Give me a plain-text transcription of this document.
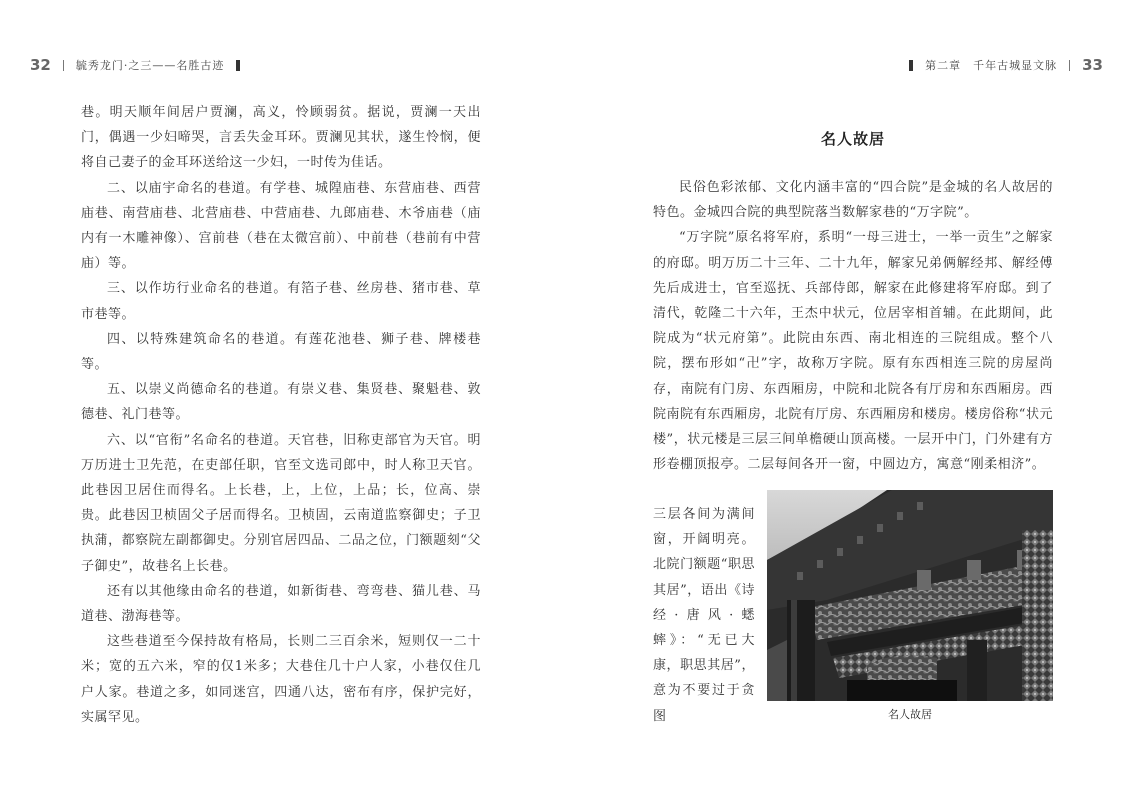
32 毓秀龙门·之三——名胜古迹	第二章　千年古城显文脉 33

巷。明天顺年间居户贾澜，高义，怜顾弱贫。据说，贾澜一天出门，偶遇一少妇啼哭，言丢失金耳环。贾澜见其状，遂生怜悯，便将自己妻子的金耳环送给这一少妇，一时传为佳话。

二、以庙宇命名的巷道。有学巷、城隍庙巷、东营庙巷、西营庙巷、南营庙巷、北营庙巷、中营庙巷、九郎庙巷、木爷庙巷（庙内有一木雕神像）、宫前巷（巷在太微宫前）、中前巷（巷前有中营庙）等。

三、以作坊行业命名的巷道。有箔子巷、丝房巷、猪市巷、草市巷等。

四、以特殊建筑命名的巷道。有莲花池巷、狮子巷、牌楼巷等。

五、以崇义尚德命名的巷道。有崇义巷、集贤巷、聚魁巷、敦德巷、礼门巷等。

六、以“官衔”名命名的巷道。天官巷，旧称吏部官为天官。明万历进士卫先范，在吏部任职，官至文选司郎中，时人称卫天官。此巷因卫居住而得名。上长巷，上，上位，上品；长，位高、崇贵。此巷因卫桢固父子居而得名。卫桢固，云南道监察御史；子卫执蒲，都察院左副都御史。分别官居四品、二品之位，门额题刻“父子御史”，故巷名上长巷。

还有以其他缘由命名的巷道，如新街巷、弯弯巷、猫儿巷、马道巷、渤海巷等。

这些巷道至今保持故有格局，长则二三百余米，短则仅一二十米；宽的五六米，窄的仅1米多；大巷住几十户人家，小巷仅住几户人家。巷道之多，如同迷宫，四通八达，密布有序，保护完好，实属罕见。

名人故居

民俗色彩浓郁、文化内涵丰富的“四合院”是金城的名人故居的特色。金城四合院的典型院落当数解家巷的“万字院”。

“万字院”原名将军府，系明“一母三进士，一举一贡生”之解家的府邸。明万历二十三年、二十九年，解家兄弟俩解经邦、解经傅先后成进士，官至巡抚、兵部侍郎，解家在此修建将军府邸。到了清代，乾隆二十六年，王杰中状元，位居宰相首辅。在此期间，此院成为“状元府第”。此院由东西、南北相连的三院组成。整个八院，摆布形如“卍”字，故称万字院。原有东西相连三院的房屋尚存，南院有门房、东西厢房，中院和北院各有厅房和东西厢房。西院南院有东西厢房，北院有厅房、东西厢房和楼房。楼房俗称“状元楼”，状元楼是三层三间单檐硬山顶高楼。一层开中门，门外建有方形卷棚顶报亭。二层每间各开一窗，中圆边方，寓意“刚柔相济”。

三层各间为满间窗，开阔明亮。北院门额题“职思其居”，语出《诗经·唐风·蟋蟀》：“无已大康，职思其居”，意为不要过于贪图	名人故居
